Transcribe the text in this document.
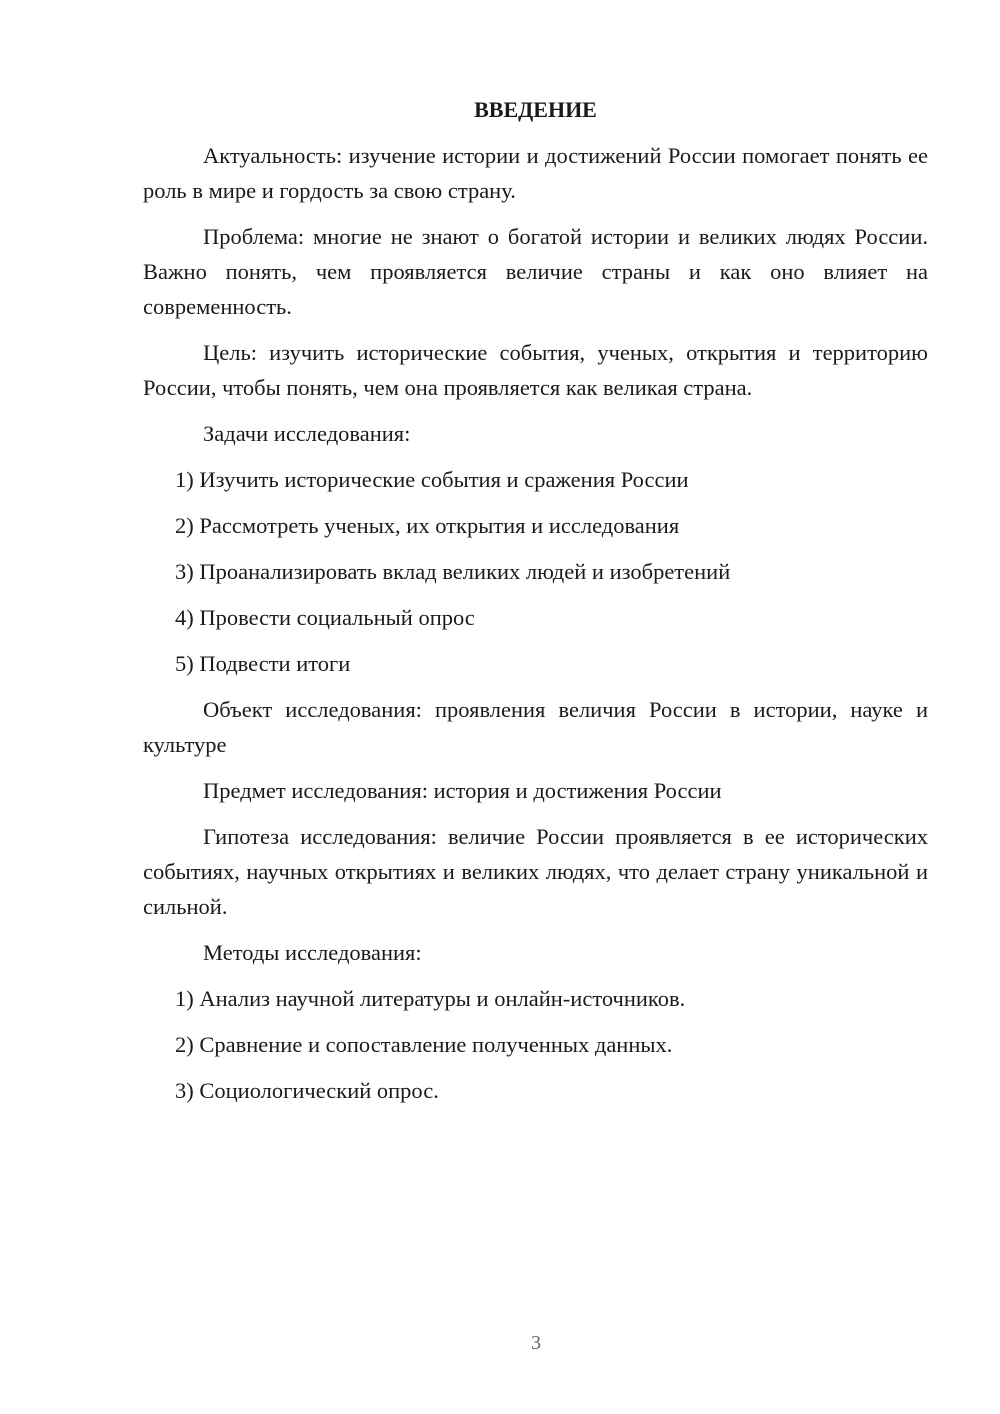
ВВЕДЕНИЕ
Актуальность: изучение истории и достижений России помогает понять ее роль в мире и гордость за свою страну.
Проблема: многие не знают о богатой истории и великих людях России. Важно понять, чем проявляется величие страны и как оно влияет на современность.
Цель: изучить исторические события, ученых, открытия и территорию России, чтобы понять, чем она проявляется как великая страна.
Задачи исследования:
1) Изучить исторические события и сражения России
2) Рассмотреть ученых, их открытия и исследования
3) Проанализировать вклад великих людей и изобретений
4) Провести социальный опрос
5) Подвести итоги
Объект исследования: проявления величия России в истории, науке и культуре
Предмет исследования: история и достижения России
Гипотеза исследования: величие России проявляется в ее исторических событиях, научных открытиях и великих людях, что делает страну уникальной и сильной.
Методы исследования:
1) Анализ научной литературы и онлайн-источников.
2) Сравнение и сопоставление полученных данных.
3) Социологический опрос.
3
